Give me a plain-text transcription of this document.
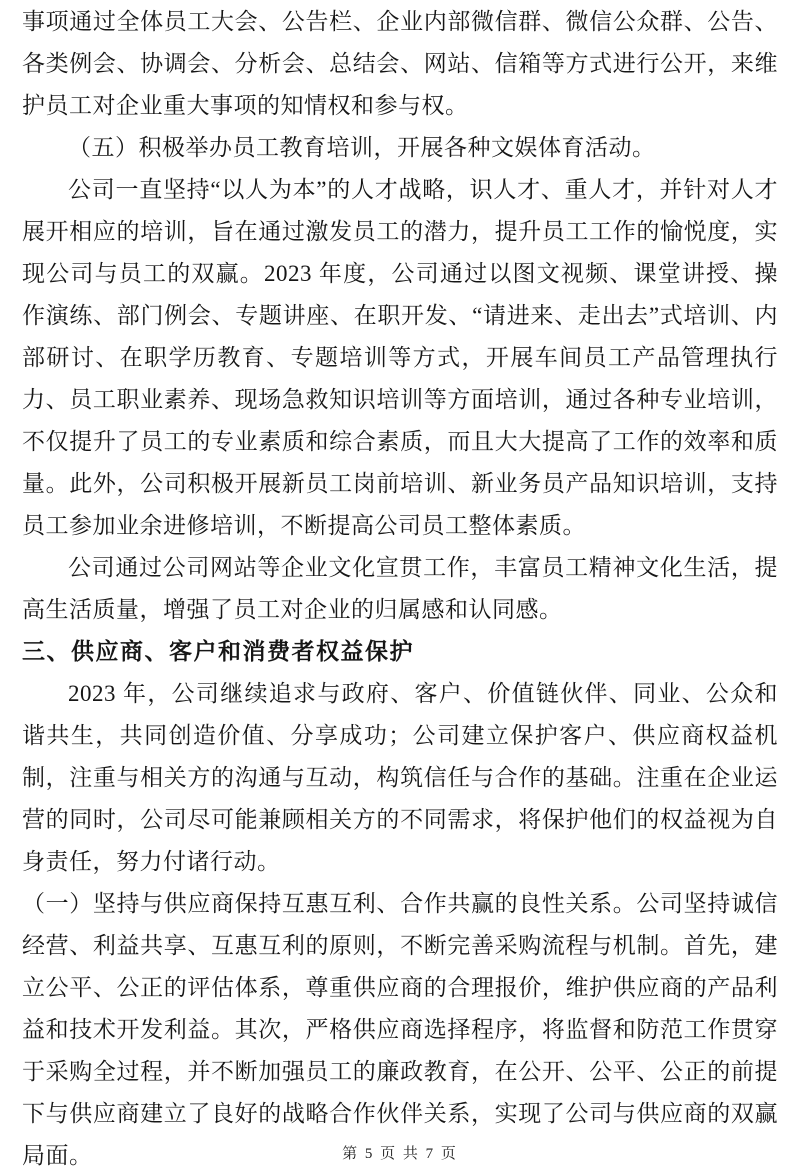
事项通过全体员工大会、公告栏、企业内部微信群、微信公众群、公告、各类例会、协调会、分析会、总结会、网站、信箱等方式进行公开，来维护员工对企业重大事项的知情权和参与权。

（五）积极举办员工教育培训，开展各种文娱体育活动。

公司一直坚持“以人为本”的人才战略，识人才、重人才，并针对人才展开相应的培训，旨在通过激发员工的潜力，提升员工工作的愉悦度，实现公司与员工的双赢。2023 年度，公司通过以图文视频、课堂讲授、操作演练、部门例会、专题讲座、在职开发、“请进来、走出去”式培训、内部研讨、在职学历教育、专题培训等方式，开展车间员工产品管理执行力、员工职业素养、现场急救知识培训等方面培训，通过各种专业培训，不仅提升了员工的专业素质和综合素质，而且大大提高了工作的效率和质量。此外，公司积极开展新员工岗前培训、新业务员产品知识培训，支持员工参加业余进修培训，不断提高公司员工整体素质。

公司通过公司网站等企业文化宣贯工作，丰富员工精神文化生活，提高生活质量，增强了员工对企业的归属感和认同感。

三、供应商、客户和消费者权益保护

2023 年，公司继续追求与政府、客户、价值链伙伴、同业、公众和谐共生，共同创造价值、分享成功；公司建立保护客户、供应商权益机制，注重与相关方的沟通与互动，构筑信任与合作的基础。注重在企业运营的同时，公司尽可能兼顾相关方的不同需求，将保护他们的权益视为自身责任，努力付诸行动。

（一）坚持与供应商保持互惠互利、合作共赢的良性关系。公司坚持诚信经营、利益共享、互惠互利的原则，不断完善采购流程与机制。首先，建立公平、公正的评估体系，尊重供应商的合理报价，维护供应商的产品利益和技术开发利益。其次，严格供应商选择程序，将监督和防范工作贯穿于采购全过程，并不断加强员工的廉政教育，在公开、公平、公正的前提下与供应商建立了良好的战略合作伙伴关系，实现了公司与供应商的双赢局面。	第 5 页 共 7 页
